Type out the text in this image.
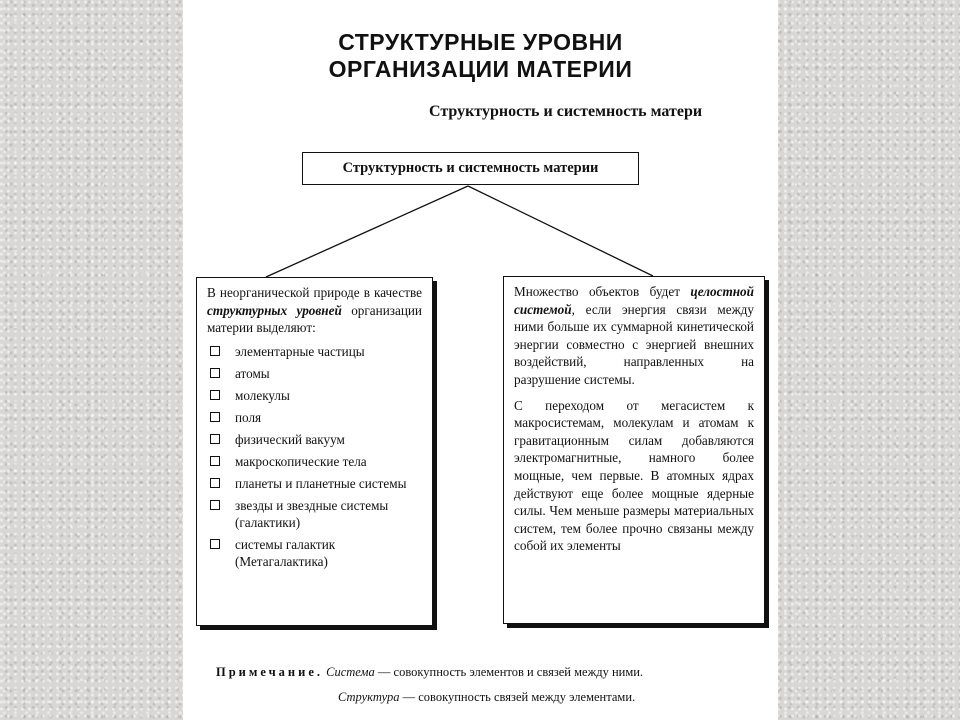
СТРУКТУРНЫЕ УРОВНИ
ОРГАНИЗАЦИИ МАТЕРИИ
Структурность и системность матери
Структурность и системность материи

В неорганической природе в качестве структурных уровней организации материи выделяют:

элементарные частицы
атомы
молекулы
поля
физический вакуум
макроскопические тела
планеты и планетные системы
звезды и звездные системы (галактики)
системы галактик (Метагалактика)

Множество объектов будет целостной системой, если энергия связи между ними больше их суммарной кинетической энергии совместно с энергией внешних воздействий, направленных на разрушение системы.

С переходом от мегасистем к макросистемам, молекулам и атомам к гравитационным силам добавляются электромагнитные, намного более мощные, чем первые. В атомных ядрах действуют еще более мощные ядерные силы. Чем меньше размеры материальных систем, тем более прочно связаны между собой их элементы

Примечание. Система — совокупность элементов и связей между ними.
Структура — совокупность связей между элементами.
